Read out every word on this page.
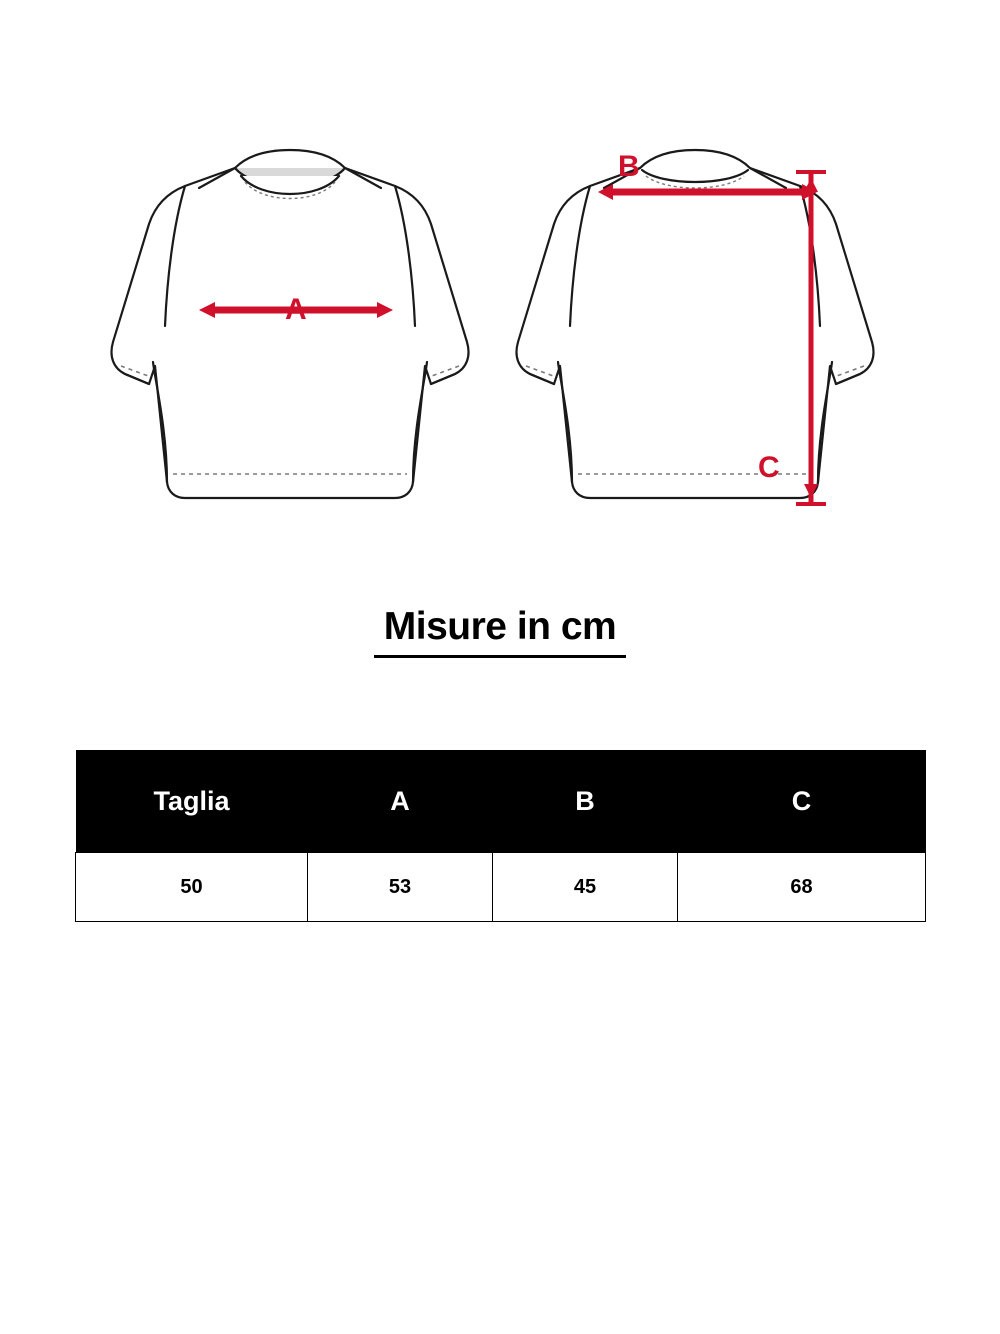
A
B
C
Misure in cm
Taglia	A	B	C
50	53	45	68
